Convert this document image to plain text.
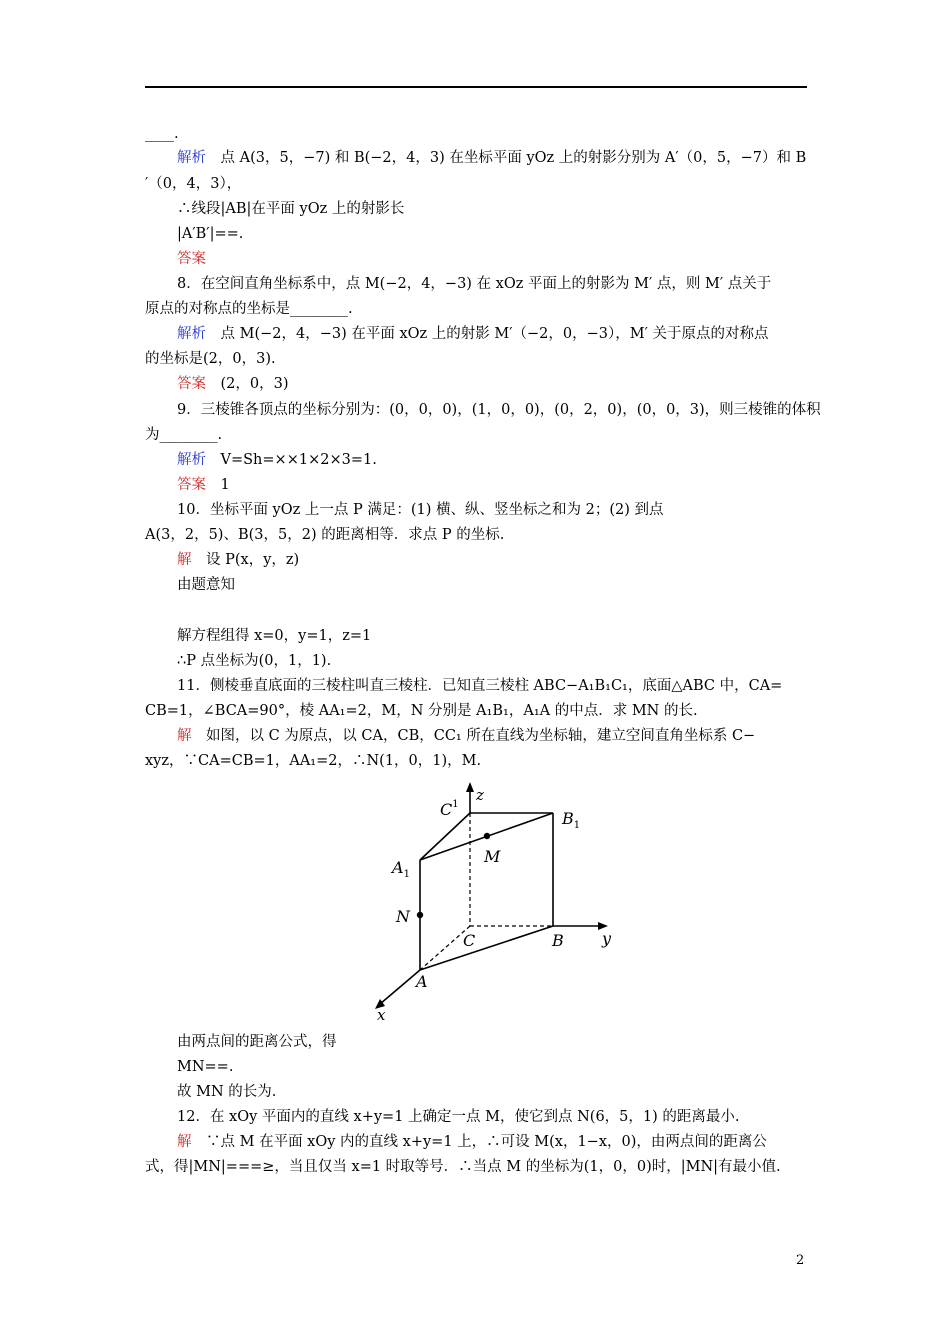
____.
解析　点 A(3，5，−7) 和 B(−2，4，3) 在坐标平面 yOz 上的射影分别为 A′（0，5，−7）和 B
′（0，4，3），
∴线段|AB|在平面 yOz 上的射影长
|A′B′|==.
答案
8．在空间直角坐标系中，点 M(−2，4，−3) 在 xOz 平面上的射影为 M′ 点，则 M′ 点关于
原点的对称点的坐标是________.
解析　点 M(−2，4，−3) 在平面 xOz 上的射影 M′（−2，0，−3），M′ 关于原点的对称点
的坐标是(2，0，3).
答案　(2，0，3)
9．三棱锥各顶点的坐标分别为：(0，0，0)，(1，0，0)，(0，2，0)，(0，0，3)，则三棱锥的体积
为________.
解析　V=Sh=××1×2×3=1.
答案　1
10．坐标平面 yOz 上一点 P 满足：(1) 横、纵、竖坐标之和为 2；(2) 到点
A(3，2，5)、B(3，5，2) 的距离相等．求点 P 的坐标.
解　设 P(x，y，z)
由题意知
解方程组得 x=0，y=1，z=1
∴P 点坐标为(0，1，1).
11．侧棱垂直底面的三棱柱叫直三棱柱．已知直三棱柱 ABC−A₁B₁C₁，底面△ABC 中，CA=
CB=1，∠BCA=90°，棱 AA₁=2，M，N 分别是 A₁B₁，A₁A 的中点．求 MN 的长.
解　如图，以 C 为原点，以 CA，CB，CC₁ 所在直线为坐标轴，建立空间直角坐标系 C−
xyz，∵CA=CB=1，AA₁=2，∴N(1，0，1)，M.
由两点间的距离公式，得
MN==.
故 MN 的长为.
12．在 xOy 平面内的直线 x+y=1 上确定一点 M，使它到点 N(6，5，1) 的距离最小.
解　∵点 M 在平面 xOy 内的直线 x+y=1 上，∴可设 M(x，1−x，0)，由两点间的距离公
式，得|MN|===≥，当且仅当 x=1 时取等号．∴当点 M 的坐标为(1，0，0)时，|MN|有最小值.
z
$C^1$
$B_1$
M
$A_1$
N
C	B y
A
x
2
